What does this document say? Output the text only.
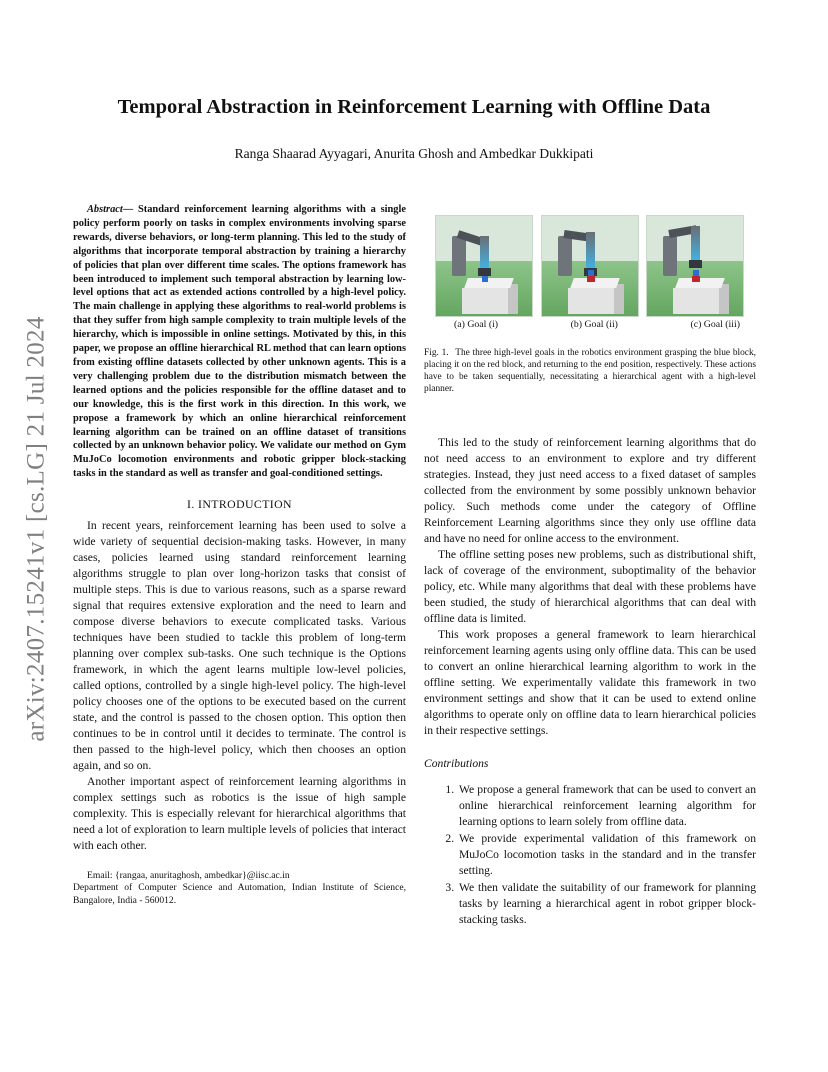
arXiv:2407.15241v1 [cs.LG] 21 Jul 2024
Temporal Abstraction in Reinforcement Learning with Offline Data
Ranga Shaarad Ayyagari, Anurita Ghosh and Ambedkar Dukkipati

Abstract— Standard reinforcement learning algorithms with a single policy perform poorly on tasks in complex environments involving sparse rewards, diverse behaviors, or long-term planning. This led to the study of algorithms that incorporate temporal abstraction by training a hierarchy of policies that plan over different time scales. The options framework has been introduced to implement such temporal abstraction by learning low-level options that act as extended actions controlled by a high-level policy. The main challenge in applying these algorithms to real-world problems is that they suffer from high sample complexity to train multiple levels of the hierarchy, which is impossible in online settings. Motivated by this, in this paper, we propose an offline hierarchical RL method that can learn options from existing offline datasets collected by other unknown agents. This is a very challenging problem due to the distribution mismatch between the learned options and the policies responsible for the offline dataset and to our knowledge, this is the first work in this direction. In this work, we propose a framework by which an online hierarchical reinforcement learning algorithm can be trained on an offline dataset of transitions collected by an unknown behavior policy. We validate our method on Gym MuJoCo locomotion environments and robotic gripper block-stacking tasks in the standard as well as transfer and goal-conditioned settings.

I. INTRODUCTION

In recent years, reinforcement learning has been used to solve a wide variety of sequential decision-making tasks. However, in many cases, policies learned using standard reinforcement learning algorithms struggle to plan over long-horizon tasks that consist of multiple steps. This is due to various reasons, such as a sparse reward signal that requires extensive exploration and the need to learn and compose diverse behaviors to execute complicated tasks. Various techniques have been studied to tackle this problem of long-term planning over complex sub-tasks. One such technique is the Options framework, in which the agent learns multiple low-level policies, called options, controlled by a single high-level policy. The high-level policy chooses one of the options to be executed based on the current state, and the control is passed to the chosen option. This option then continues to be in control until it decides to terminate. The control is then passed to the high-level policy, which then chooses an option again, and so on.

Another important aspect of reinforcement learning algorithms in complex settings such as robotics is the issue of high sample complexity. This is especially relevant for hierarchical algorithms that need a lot of exploration to learn multiple levels of policies that interact with each other.

Email: {rangaa, anuritaghosh, ambedkar}@iisc.ac.in

Department of Computer Science and Automation, Indian Institute of Science, Bangalore, India - 560012.

(a) Goal (i)	(b) Goal (ii)	(c) Goal (iii)

Fig. 1. The three high-level goals in the robotics environment grasping the blue block, placing it on the red block, and returning to the end position, respectively. These actions have to be taken sequentially, necessitating a hierarchical agent with a high-level planner.

This led to the study of reinforcement learning algorithms that do not need access to an environment to explore and try different strategies. Instead, they just need access to a fixed dataset of samples collected from the environment by some possibly unknown behavior policy. Such methods come under the category of Offline Reinforcement Learning algorithms since they only use offline data and have no need for online access to the environment.

The offline setting poses new problems, such as distributional shift, lack of coverage of the environment, suboptimality of the behavior policy, etc. While many algorithms that deal with these problems have been studied, the study of hierarchical algorithms that can deal with offline data is limited.

This work proposes a general framework to learn hierarchical reinforcement learning agents using only offline data. This can be used to convert an online hierarchical learning algorithm to work in the offline setting. We experimentally validate this framework in two environment settings and show that it can be used to extend online algorithms to operate only on offline data to learn hierarchical policies in their respective settings.

Contributions
1. We propose a general framework that can be used to convert an online hierarchical reinforcement learning algorithm for learning options to learn solely from offline data.
2. We provide experimental validation of this framework on MuJoCo locomotion tasks in the standard and in the transfer setting.
3. We then validate the suitability of our framework for planning tasks by learning a hierarchical agent in robot gripper block-stacking tasks.
